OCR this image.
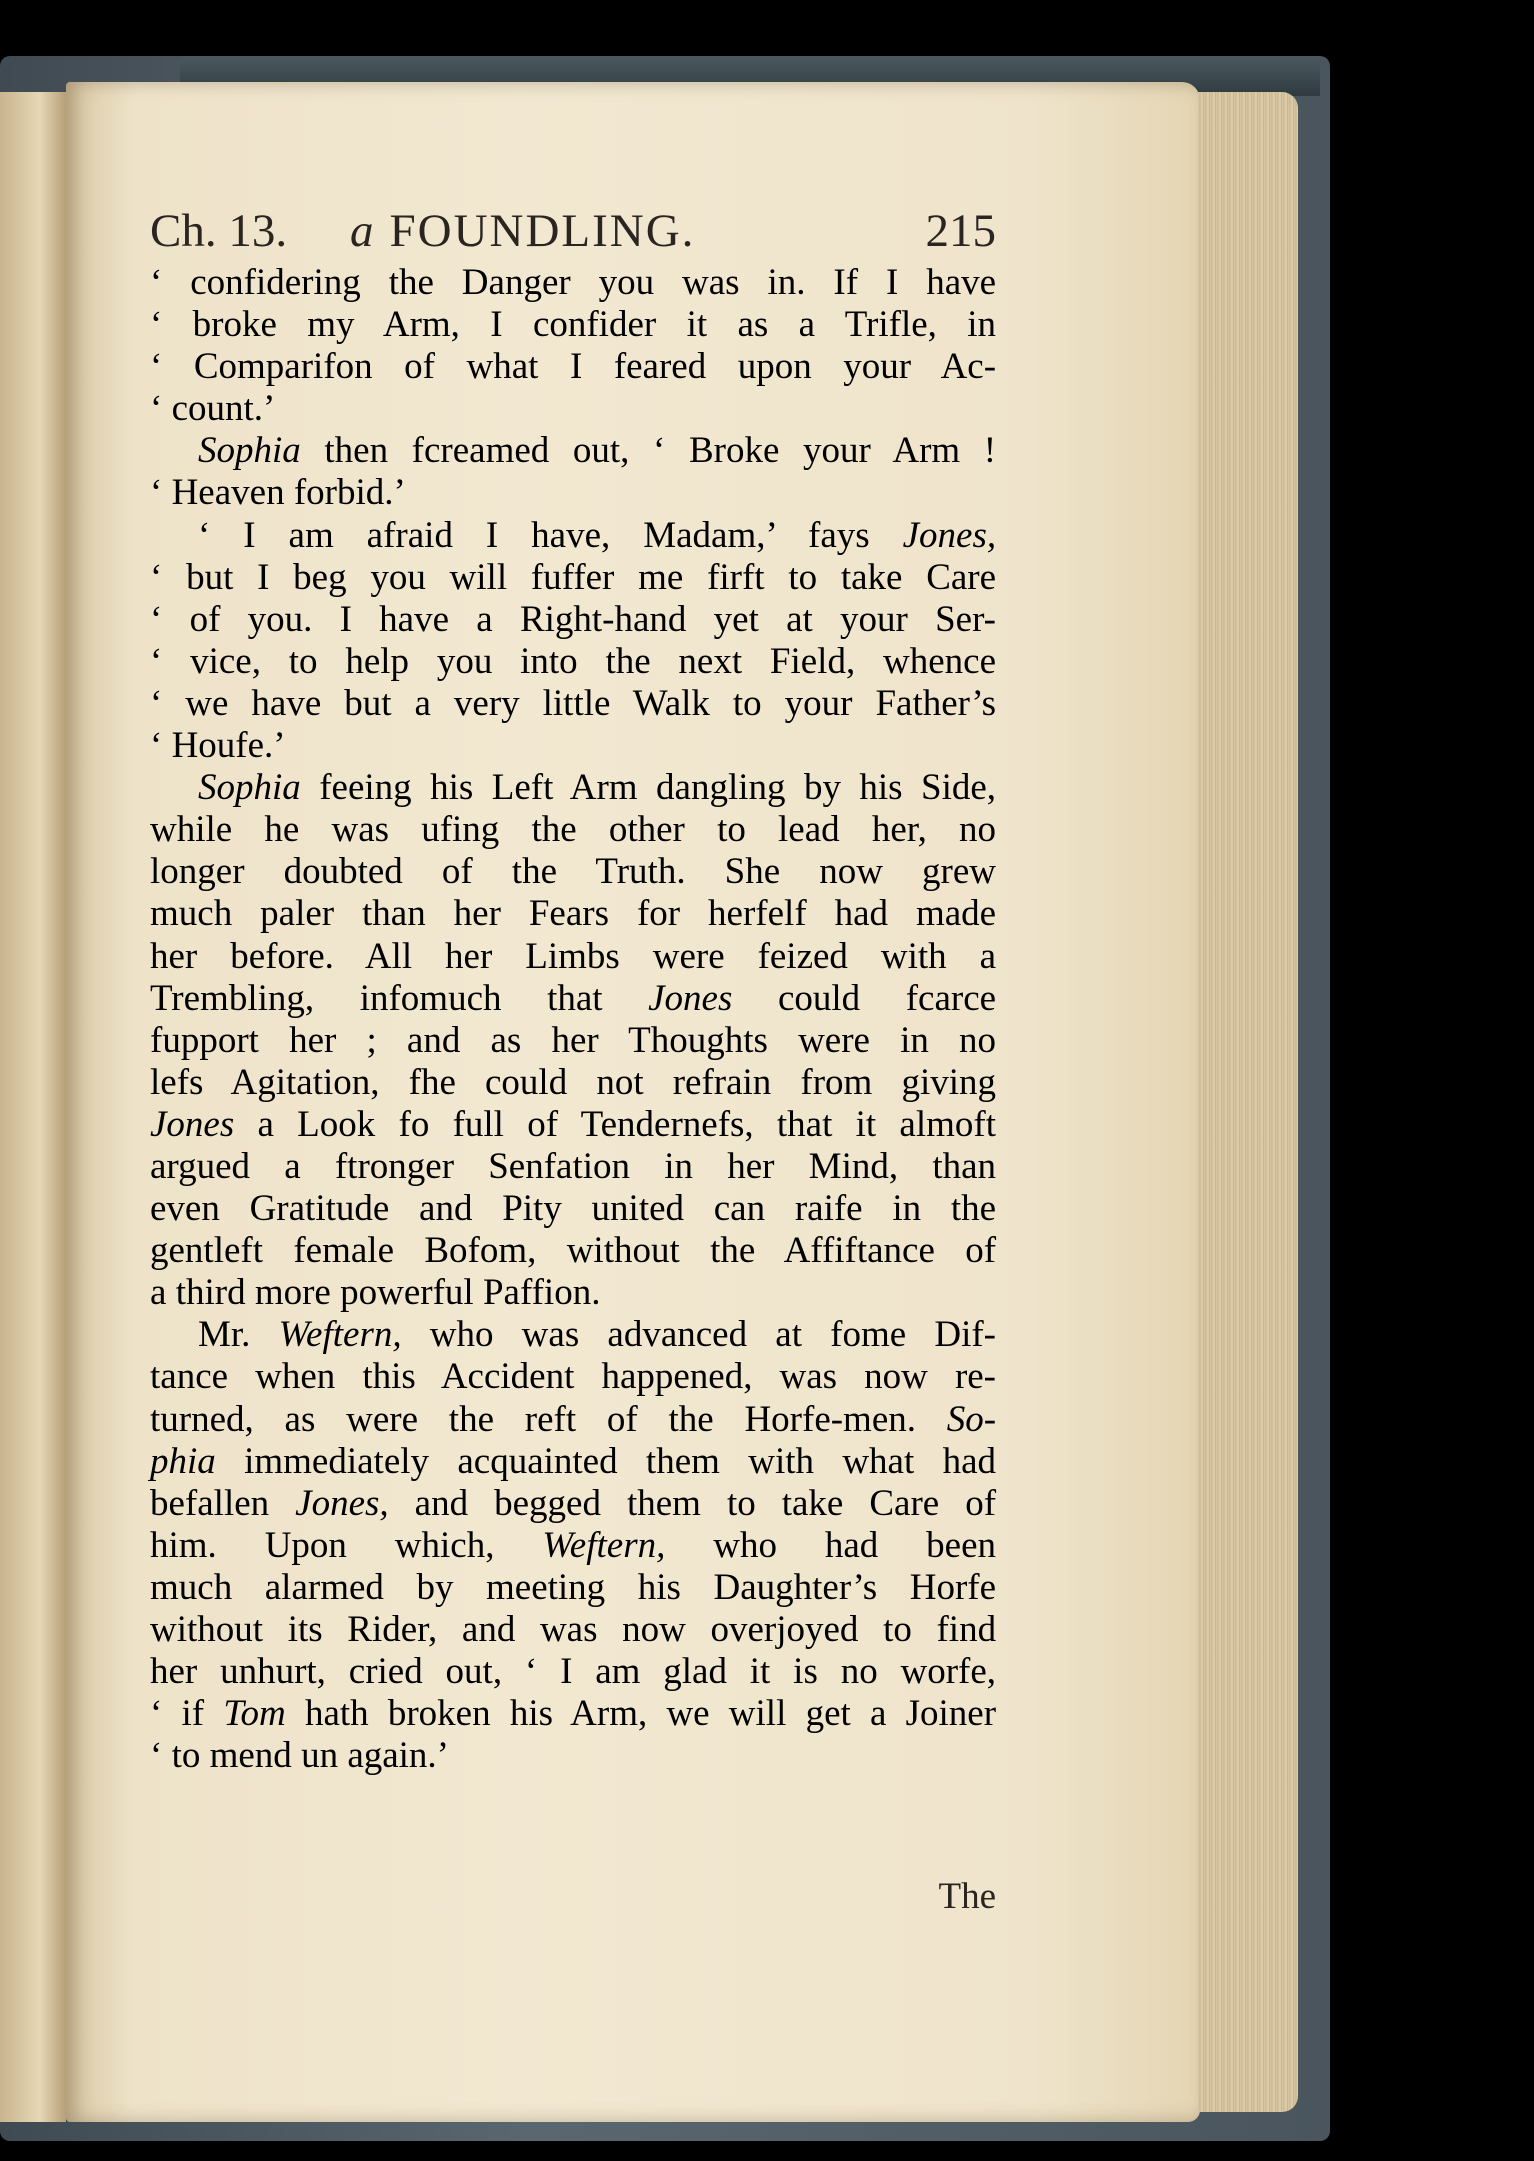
Ch. 13. a FOUNDLING.	215
‘ confidering the Danger you was in. If I have
‘ broke my Arm, I confider it as a Trifle, in
‘ Comparifon of what I feared upon your Ac-
‘ count.’
Sophia then fcreamed out, ‘ Broke your Arm !
‘ Heaven forbid.’
‘ I am afraid I have, Madam,’ fays Jones,
‘ but I beg you will fuffer me firft to take Care
‘ of you. I have a Right-hand yet at your Ser-
‘ vice, to help you into the next Field, whence
‘ we have but a very little Walk to your Father’s
‘ Houfe.’
Sophia feeing his Left Arm dangling by his Side,
while he was ufing the other to lead her, no
longer doubted of the Truth. She now grew
much paler than her Fears for herfelf had made
her before. All her Limbs were feized with a
Trembling, infomuch that Jones could fcarce
fupport her ; and as her Thoughts were in no
lefs Agitation, fhe could not refrain from giving
Jones a Look fo full of Tendernefs, that it almoft
argued a ftronger Senfation in her Mind, than
even Gratitude and Pity united can raife in the
gentleft female Bofom, without the Affiftance of
a third more powerful Paffion.
Mr. Weftern, who was advanced at fome Dif-
tance when this Accident happened, was now re-
turned, as were the reft of the Horfe-men. So-
phia immediately acquainted them with what had
befallen Jones, and begged them to take Care of
him. Upon which, Weftern, who had been
much alarmed by meeting his Daughter’s Horfe
without its Rider, and was now overjoyed to find
her unhurt, cried out, ‘ I am glad it is no worfe,
‘ if Tom hath broken his Arm, we will get a Joiner
‘ to mend un again.’
The
